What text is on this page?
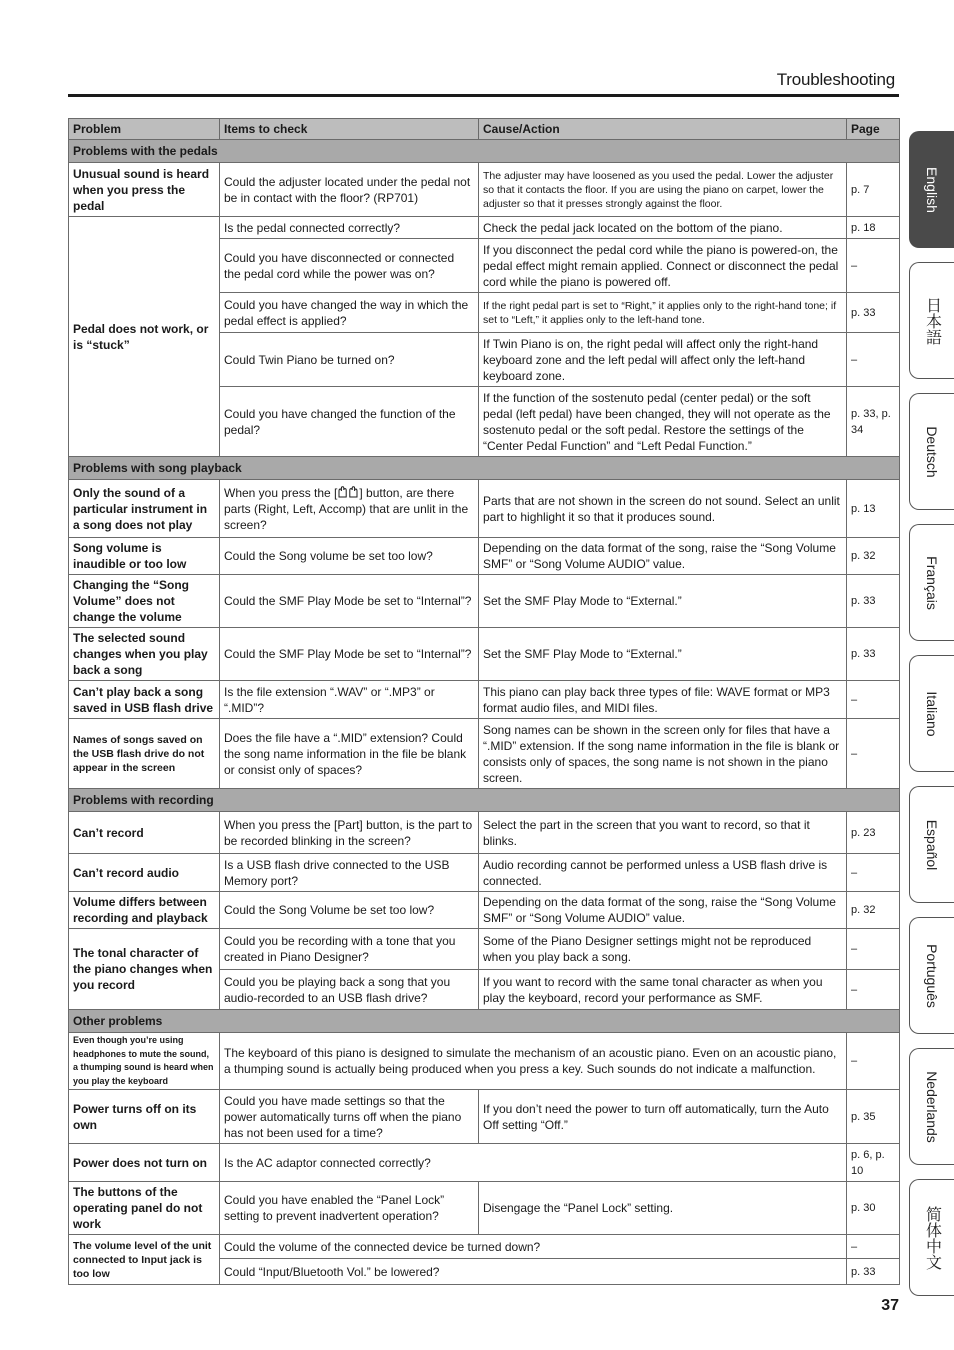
Troubleshooting
Problem	Items to check	Cause/Action	Page
Problems with the pedals			
Unusual sound is heard when you press the pedal	Could the adjuster located under the pedal not be in contact with the floor? (RP701)	The adjuster may have loosened as you used the pedal. Lower the adjuster so that it contacts the floor. If you are using the piano on carpet, lower the adjuster so that it presses strongly against the floor.	p. 7
Pedal does not work, or is “stuck”	Is the pedal connected correctly?	Check the pedal jack located on the bottom of the piano.	p. 18
	Could you have disconnected or connected the pedal cord while the power was on?	If you disconnect the pedal cord while the piano is powered-on, the pedal effect might remain applied. Connect or disconnect the pedal cord while the piano is powered off.	–
	Could you have changed the way in which the pedal effect is applied?	If the right pedal part is set to “Right,” it applies only to the right-hand tone; if set to “Left,” it applies only to the left-hand tone.	p. 33
	Could Twin Piano be turned on?	If Twin Piano is on, the right pedal will affect only the right-hand keyboard zone and the left pedal will affect only the left-hand keyboard zone.	–
	Could you have changed the function of the pedal?	If the function of the sostenuto pedal (center pedal) or the soft pedal (left pedal) have been changed, they will not operate as the sostenuto pedal or the soft pedal. Restore the settings of the “Center Pedal Function” and “Left Pedal Function.”	p. 33, p. 34
Problems with song playback			
Only the sound of a particular instrument in a song does not play	When you press the [ ] button, are there parts (Right, Left, Accomp) that are unlit in the screen?	Parts that are not shown in the screen do not sound. Select an unlit part to highlight it so that it produces sound.	p. 13
Song volume is inaudible or too low	Could the Song volume be set too low?	Depending on the data format of the song, raise the “Song Volume SMF” or “Song Volume AUDIO” value.	p. 32
Changing the “Song Volume” does not change the volume	Could the SMF Play Mode be set to “Internal”?	Set the SMF Play Mode to “External.”	p. 33
The selected sound changes when you play back a song	Could the SMF Play Mode be set to “Internal”?	Set the SMF Play Mode to “External.”	p. 33
Can’t play back a song saved in USB flash drive	Is the file extension “.WAV” or “.MP3” or “.MID”?	This piano can play back three types of file: WAVE format or MP3 format audio files, and MIDI files.	–
Names of songs saved on the USB flash drive do not appear in the screen	Does the file have a “.MID” extension? Could the song name information in the file be blank or consist only of spaces?	Song names can be shown in the screen only for files that have a “.MID” extension. If the song name information in the file is blank or consists only of spaces, the song name is not shown in the piano screen.	–
Problems with recording			
Can’t record	When you press the [Part] button, is the part to be recorded blinking in the screen?	Select the part in the screen that you want to record, so that it blinks.	p. 23
Can’t record audio	Is a USB flash drive connected to the USB Memory port?	Audio recording cannot be performed unless a USB flash drive is connected.	–
Volume differs between recording and playback	Could the Song Volume be set too low?	Depending on the data format of the song, raise the “Song Volume SMF” or “Song Volume AUDIO” value.	p. 32
The tonal character of the piano changes when you record	Could you be recording with a tone that you created in Piano Designer?	Some of the Piano Designer settings might not be reproduced when you play back a song.	–
	Could you be playing back a song that you audio-recorded to an USB flash drive?	If you want to record with the same tonal character as when you play the keyboard, record your performance as SMF.	–
Other problems			
Even though you’re using headphones to mute the sound, a thumping sound is heard when you play the keyboard	The keyboard of this piano is designed to simulate the mechanism of an acoustic piano. Even on an acoustic piano, a thumping sound is actually being produced when you press a key. Such sounds do not indicate a malfunction.		–
Power turns off on its own	Could you have made settings so that the power automatically turns off when the piano has not been used for a time?	If you don’t need the power to turn off automatically, turn the Auto Off setting “Off.”	p. 35
Power does not turn on	Is the AC adaptor connected correctly?		p. 6, p. 10
The buttons of the operating panel do not work	Could you have enabled the “Panel Lock” setting to prevent inadvertent operation?	Disengage the “Panel Lock” setting.	p. 30
The volume level of the unit connected to Input jack is too low	Could the volume of the connected device be turned down?		–
	Could “Input/Bluetooth Vol.” be lowered?		p. 33
English
日本語
Deutsch
Français
Italiano
Español
Português
Nederlands
简体中文
37
